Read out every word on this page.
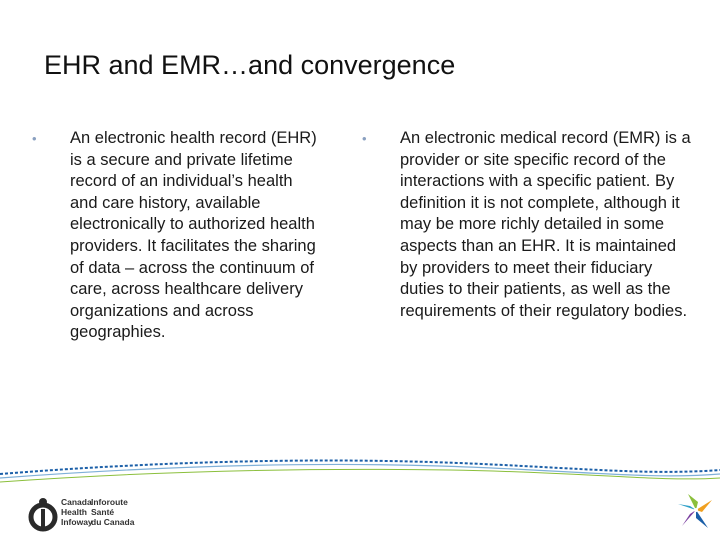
EHR and EMR…and convergence
• An electronic health record (EHR) is a secure and private lifetime record of an individual’s health and care history, available electronically to authorized health providers. It facilitates the sharing of data – across the continuum of care, across healthcare delivery organizations and across geographies.
• An electronic medical record (EMR) is a provider or site specific record of the interactions with a specific patient. By definition it is not complete, although it may be more richly detailed in some aspects than an EHR. It is maintained by providers to meet their fiduciary duties to their patients, as well as the requirements of their regulatory bodies.
Canada
Health
Infoway
Inforoute
Santé
du Canada
